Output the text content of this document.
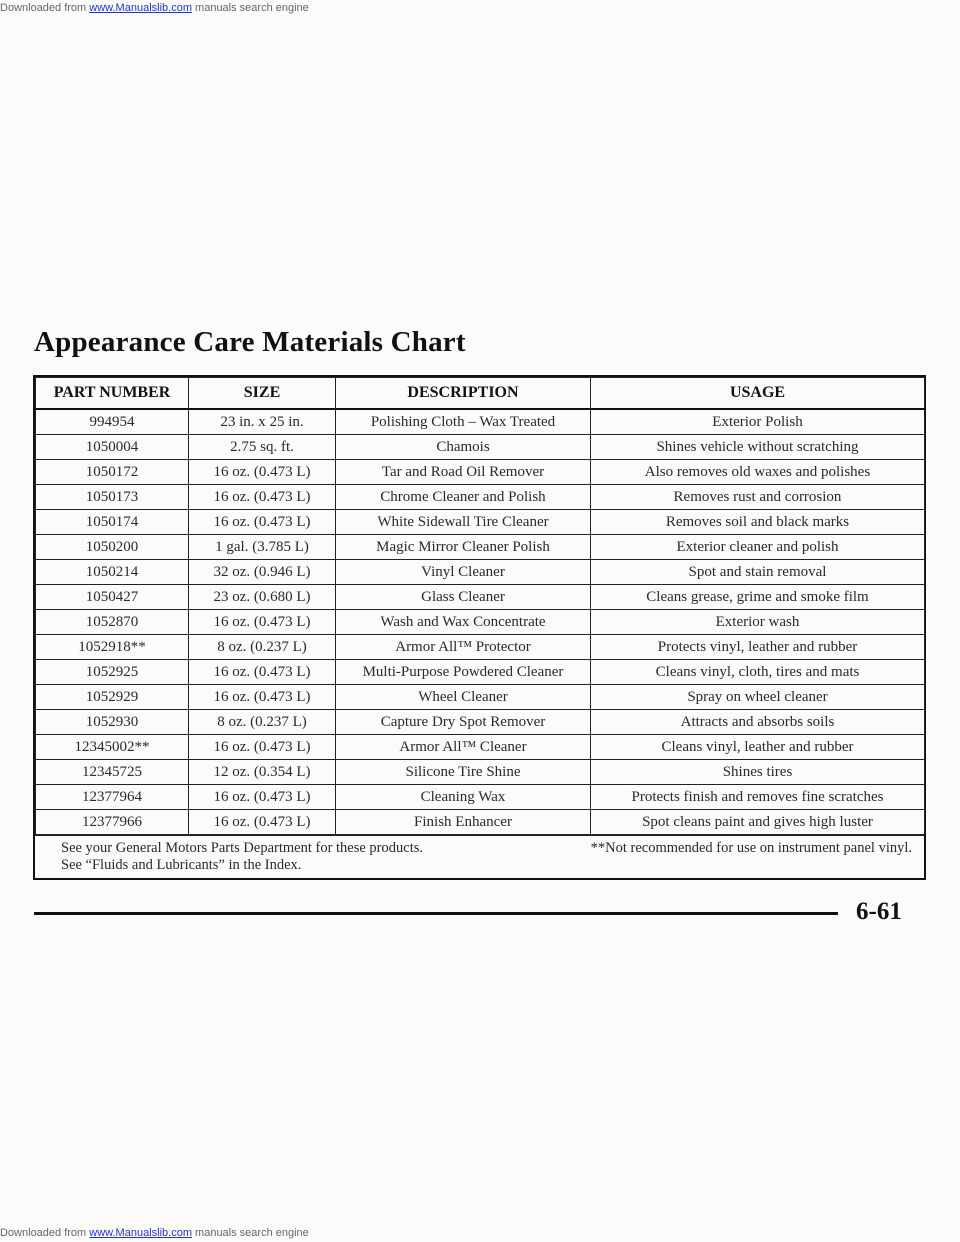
Downloaded from www.Manualslib.com manuals search engine
Appearance Care Materials Chart
PART NUMBER	SIZE	DESCRIPTION	USAGE
994954	23 in. x 25 in.	Polishing Cloth – Wax Treated	Exterior Polish
1050004	2.75 sq. ft.	Chamois	Shines vehicle without scratching
1050172	16 oz. (0.473 L)	Tar and Road Oil Remover	Also removes old waxes and polishes
1050173	16 oz. (0.473 L)	Chrome Cleaner and Polish	Removes rust and corrosion
1050174	16 oz. (0.473 L)	White Sidewall Tire Cleaner	Removes soil and black marks
1050200	1 gal. (3.785 L)	Magic Mirror Cleaner Polish	Exterior cleaner and polish
1050214	32 oz. (0.946 L)	Vinyl Cleaner	Spot and stain removal
1050427	23 oz. (0.680 L)	Glass Cleaner	Cleans grease, grime and smoke film
1052870	16 oz. (0.473 L)	Wash and Wax Concentrate	Exterior wash
1052918**	8 oz. (0.237 L)	Armor All™ Protector	Protects vinyl, leather and rubber
1052925	16 oz. (0.473 L)	Multi-Purpose Powdered Cleaner	Cleans vinyl, cloth, tires and mats
1052929	16 oz. (0.473 L)	Wheel Cleaner	Spray on wheel cleaner
1052930	8 oz. (0.237 L)	Capture Dry Spot Remover	Attracts and absorbs soils
12345002**	16 oz. (0.473 L)	Armor All™ Cleaner	Cleans vinyl, leather and rubber
12345725	12 oz. (0.354 L)	Silicone Tire Shine	Shines tires
12377964	16 oz. (0.473 L)	Cleaning Wax	Protects finish and removes fine scratches
12377966	16 oz. (0.473 L)	Finish Enhancer	Spot cleans paint and gives high luster
See your General Motors Parts Department for these products.	**Not recommended for use on instrument panel vinyl.
See “Fluids and Lubricants” in the Index.
6-61
Downloaded from www.Manualslib.com manuals search engine
